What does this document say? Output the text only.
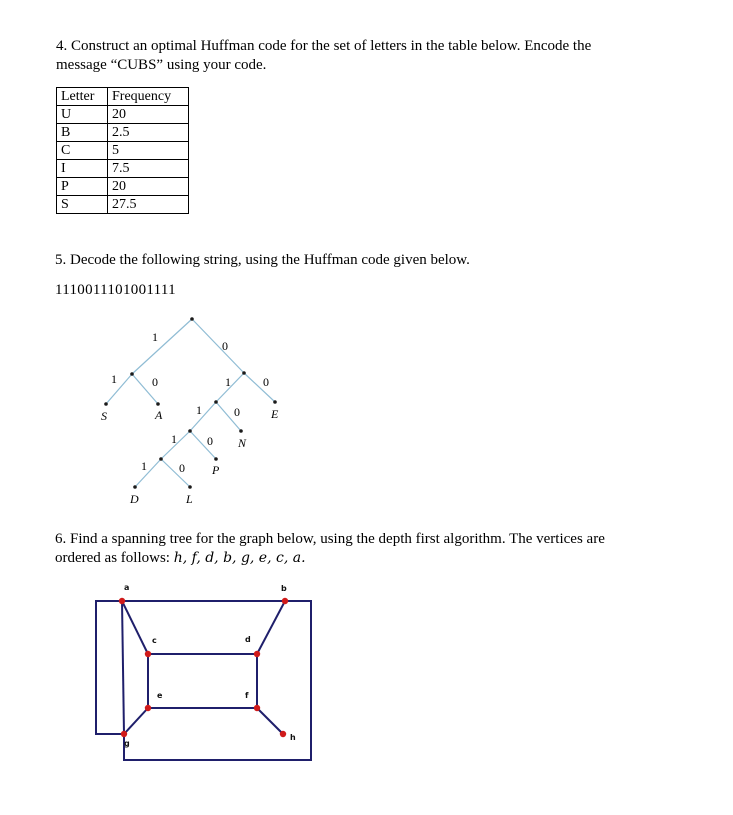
4. Construct an optimal Huffman code for the set of letters in the table below. Encode the
message “CUBS” using your code.
Letter	Frequency
U	20
B	2.5
C	5
I	7.5
P	20
S	27.5
5. Decode the following string, using the Huffman code given below.
1110011101001111
1
0
1	0	1	0
1	0
1	0
1	0
S	A	E
N
P
D	L
6. Find a spanning tree for the graph below, using the depth first algorithm. The vertices are
ordered as follows: h, f, d, b, g, e, c, a.
a	b
c	d
e	f
g
h
